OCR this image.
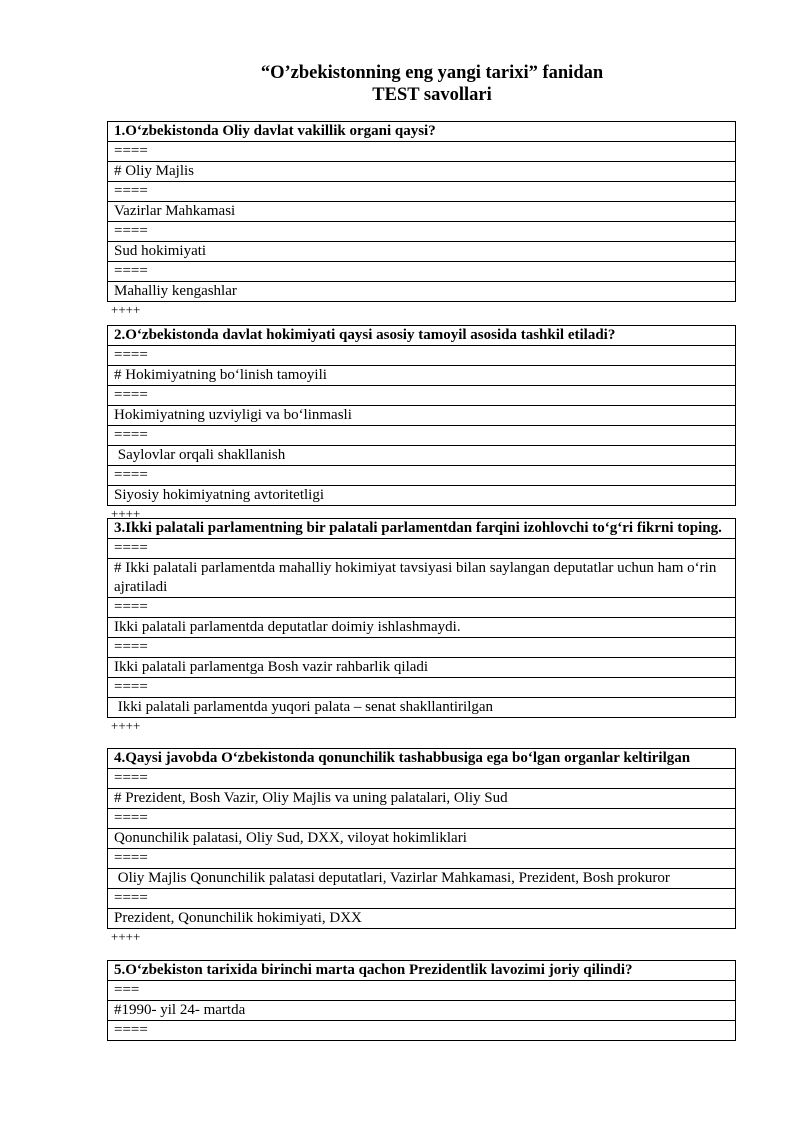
“O’zbekistonning eng yangi tarixi” fanidan
TEST savollari
1.O‘zbekistonda Oliy davlat vakillik organi qaysi?
====
# Oliy Majlis
====
Vazirlar Mahkamasi
====
Sud hokimiyati
====
Mahalliy kengashlar
++++
2.O‘zbekistonda davlat hokimiyati qaysi asosiy tamoyil asosida tashkil etiladi?
====
# Hokimiyatning bo‘linish tamoyili
====
Hokimiyatning uzviyligi va bo‘linmasli
====
Saylovlar orqali shakllanish
====
Siyosiy hokimiyatning avtoritetligi
++++
3.Ikki palatali parlamentning bir palatali parlamentdan farqini izohlovchi to‘g‘ri fikrni toping.
====
# Ikki palatali parlamentda mahalliy hokimiyat tavsiyasi bilan saylangan deputatlar uchun ham o‘rin ajratiladi
====
Ikki palatali parlamentda deputatlar doimiy ishlashmaydi.
====
Ikki palatali parlamentga Bosh vazir rahbarlik qiladi
====
Ikki palatali parlamentda yuqori palata – senat shakllantirilgan
++++
4.Qaysi javobda O‘zbekistonda qonunchilik tashabbusiga ega bo‘lgan organlar keltirilgan
====
# Prezident, Bosh Vazir, Oliy Majlis va uning palatalari, Oliy Sud
====
Qonunchilik palatasi, Oliy Sud, DXX, viloyat hokimliklari
====
Oliy Majlis Qonunchilik palatasi deputatlari, Vazirlar Mahkamasi, Prezident, Bosh prokuror
====
Prezident, Qonunchilik hokimiyati, DXX
++++
5.O‘zbekiston tarixida birinchi marta qachon Prezidentlik lavozimi joriy qilindi?
===
#1990- yil 24- martda
====
